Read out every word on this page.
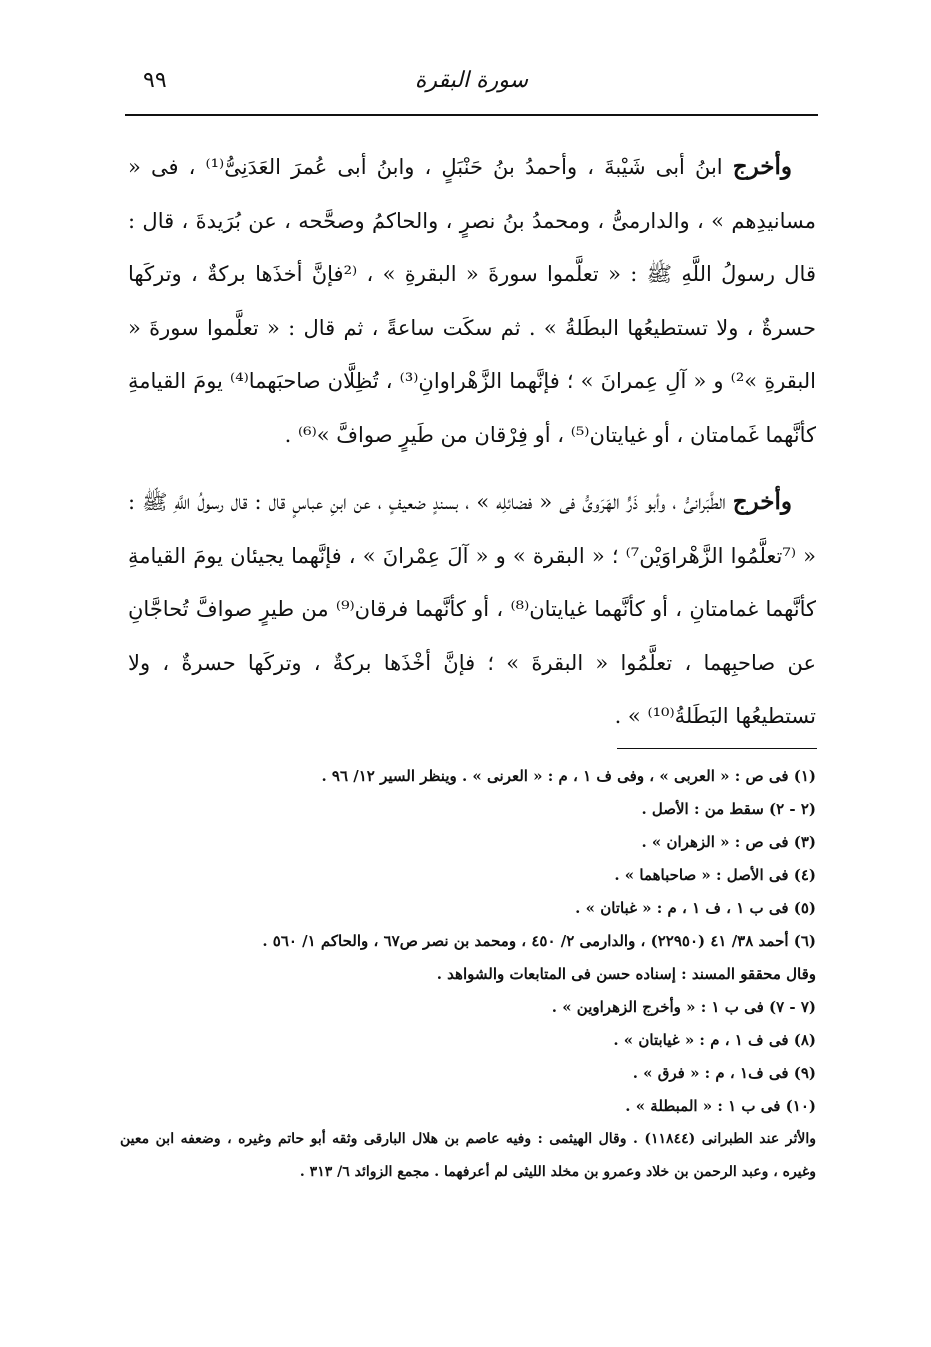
٩٩	سورة البقرة

وأخرج ابنُ أبى شَيْبةَ ، وأحمدُ بنُ حَنْبَلٍ ، وابنُ أبى عُمرَ العَدَنِىُّ⁽¹⁾ ، فى « مسانيدِهم » ، والدارمىُّ ، ومحمدُ بنُ نصرٍ ، والحاكمُ وصحَّحه ، عن بُرَيدةَ ، قال : قال رسولُ اللَّهِ ﷺ : « تعلَّموا سورةَ « البقرةِ » ، ⁽²فإنَّ أخذَها بركةٌ ، وتركَها حسرةٌ ، ولا تستطيعُها البطَلةُ » . ثم سكَت ساعةً ، ثم قال : « تعلَّموا سورةَ « البقرةِ »²⁾ و « آلِ عِمرانَ » ؛ فإنَّهما الزَّهْراوانِ⁽³⁾ ، تُظِلَّان صاحبَهما⁽⁴⁾ يومَ القيامةِ كأنَّهما غَمامتان ، أو غيايتان⁽⁵⁾ ، أو فِرْقان من طَيرٍ صوافَّ »⁽⁶⁾ .

وأخرج الطَّبَرانىُّ ، وأبو ذَرٍّ الهَرَوىُّ فى « فضائلِه » ، بسندٍ ضعيفٍ ، عن ابنِ عباسٍ قال : قال رسولُ اللَّهِ ﷺ : « ⁽⁷تعلَّمُوا الزَّهْراوَيْن⁷⁾ ؛ « البقرة » و « آلَ عِمْرانَ » ، فإنَّهما يجيئان يومَ القيامةِ كأنَّهما غمامتانِ ، أو كأنَّهما غيايتان⁽⁸⁾ ، أو كأنَّهما فرقان⁽⁹⁾ من طيرٍ صوافَّ تُحاجَّانِ عن صاحبِهما ، تعلَّمُوا « البقرةَ » ؛ فإنَّ أخْذَها بركةٌ ، وتركَها حسرةٌ ، ولا تستطيعُها البَطَلةُ⁽¹⁰⁾ » .

(١) فى ص : « العربى » ، وفى ف ١ ، م : « العرنى » . وينظر السير ١٢/ ٩٦ .

(٢ - ٢) سقط من : الأصل .

(٣) فى ص : « الزهران » .

(٤) فى الأصل : « صاحباهما » .

(٥) فى ب ١ ، ف ١ ، م : « غباتان » .

(٦) أحمد ٣٨/ ٤١ (٢٢٩٥٠) ، والدارمى ٢/ ٤٥٠ ، ومحمد بن نصر ص٦٧ ، والحاكم ١/ ٥٦٠ .

وقال محققو المسند : إسناده حسن فى المتابعات والشواهد .

(٧ - ٧) فى ب ١ : « وأخرج الزهراوين » .

(٨) فى ف ١ ، م : « غيابتان » .

(٩) فى ف١ ، م : « فرق » .

(١٠) فى ب ١ : « المبطلة » .

والأثر عند الطبرانى (١١٨٤٤) . وقال الهيثمى : وفيه عاصم بن هلال البارقى وثقه أبو حاتم وغيره ، وضعفه ابن معين وغيره ، وعبد الرحمن بن خلاد وعمرو بن مخلد الليثى لم أعرفهما . مجمع الزوائد ٦/ ٣١٣ .
